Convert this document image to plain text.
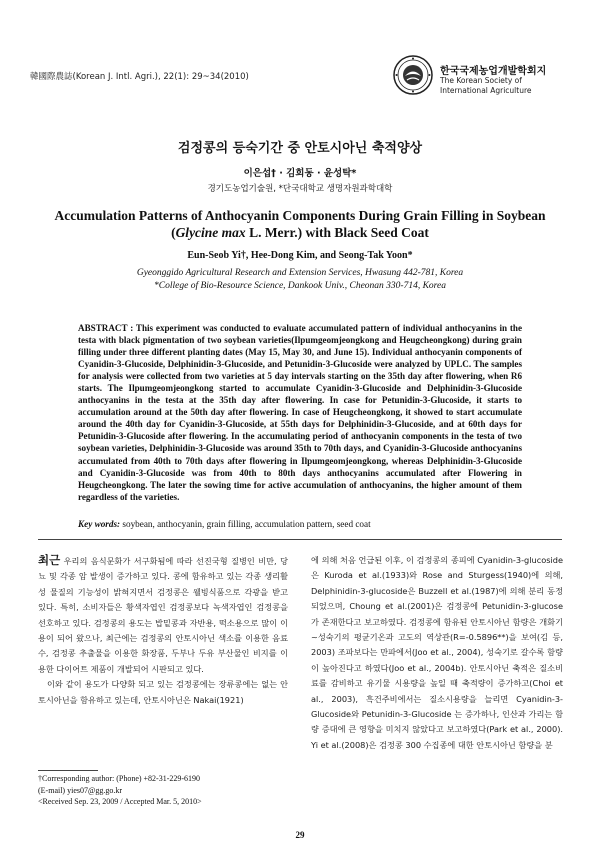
韓國際農誌(Korean J. Intl. Agri.), 22(1): 29~34(2010)	한국국제농업개발학회지
The Korean Society of International Agriculture
검정콩의 등숙기간 중 안토시아닌 축적양상
이은섭† · 김희동 · 윤성탁*
경기도농업기술원, *단국대학교 생명자원과학대학
Accumulation Patterns of Anthocyanin Components During Grain Filling in Soybean (Glycine max L. Merr.) with Black Seed Coat
Eun-Seob Yi†, Hee-Dong Kim, and Seong-Tak Yoon*
Gyeonggido Agricultural Research and Extension Services, Hwasung 442-781, Korea
*College of Bio-Resource Science, Dankook Univ., Cheonan 330-714, Korea
ABSTRACT : This experiment was conducted to evaluate accumulated pattern of individual anthocyanins in the testa with black pigmentation of two soybean varieties(Ilpumgeomjeongkong and Heugcheongkong) during grain filling under three different planting dates (May 15, May 30, and June 15). Individual anthocyanin components of Cyanidin-3-Glucoside, Delphinidin-3-Glucoside, and Petunidin-3-Glucoside were analyzed by UPLC. The samples for analysis were collected from two varieties at 5 day intervals starting on the 35th day after flowering, when R6 starts. The Ilpumgeomjeongkong started to accumulate Cyanidin-3-Glucoside and Delphinidin-3-Glucoside anthocyanins in the testa at the 35th day after flowering. In case for Petunidin-3-Glucoside, it starts to accumulation around at the 50th day after flowering. In case of Heugcheongkong, it showed to start accumulate around the 40th day for Cyanidin-3-Glucoside, at 55th days for Delphinidin-3-Glucoside, and at 60th days for Petunidin-3-Glucoside after flowering. In the accumulating period of anthocyanin components in the testa of two soybean varieties, Delphinidin-3-Glucoside was around 35th to 70th days, and Cyanidin-3-Glucoside anthocyanins accumulated from 40th to 70th days after flowering in Ilpumgeomjeongkong, whereas Delphinidin-3-Glucoside and Cyanidin-3-Glucoside was from 40th to 80th days anthocyanins accumulated after Flowering in Heugcheongkong. The later the sowing time for active accumulation of anthocyanins, the higher amount of them regardless of the varieties.
Key words: soybean, anthocyanin, grain filling, accumulation pattern, seed coat
최근 우리의 음식문화가 서구화됨에 따라 선진국형 질병인 비만, 당뇨 및 각종 암 발생이 증가하고 있다. 콩에 함유하고 있는 각종 생리활성 물질의 기능성이 밝혀지면서 검정콩은 웰빙식품으로 각광을 받고 있다. 특히, 소비자들은 황색자엽인 검정콩보다 녹색자엽인 검정콩을 선호하고 있다. 검정콩의 용도는 밥밑콩과 자반용, 떡소용으로 많이 이용이 되어 왔으나, 최근에는 검정콩의 안토시아닌 색소를 이용한 음료수, 검정콩 추출물을 이용한 화장품, 두부나 두유 부산물인 비지를 이용한 다이어트 제품이 개발되어 시판되고 있다.
이와 같이 용도가 다양화 되고 있는 검정콩에는 장류콩에는 없는 안토시아닌을 함유하고 있는데, 안토시아닌은 Nakai(1921)
에 의해 처음 언급된 이후, 이 검정콩의 종피에 Cyanidin-3-glucoside은 Kuroda et al.(1933)와 Rose and Sturgess(1940)에 의해, Delphinidin-3-glucoside은 Buzzell et al.(1987)에 의해 분리 동정되었으며, Choung et al.(2001)은 검정콩에 Petunidin-3-glucose가 존재한다고 보고하였다. 검정콩에 함유된 안토시아닌 함량은 개화기~성숙기의 평균기온과 고도의 역상관(R=-0.5896**)을 보여(김 등, 2003) 조파보다는 만파에서(Joo et al., 2004), 성숙기로 갈수록 함량이 높아진다고 하였다(Joo et al., 2004b). 안토시아닌 축적은 질소비료를 감비하고 유기물 시용량을 높일 때 축적량이 증가하고(Choi et al., 2003), 흑건주비에서는 질소시용량을 늘리면 Cyanidin-3-Glucoside와 Petunidin-3-Glucoside 는 증가하나, 인산과 가리는 함량 증대에 큰 영향을 미치지 않았다고 보고하였다(Park et al., 2000). Yi et al.(2008)은 검정콩 300 수집종에 대한 안토시아닌 함량을 분
†Corresponding author: (Phone) +82-31-229-6190
(E-mail) yies07@gg.go.kr
<Received Sep. 23, 2009 / Accepted Mar. 5, 2010>
29
